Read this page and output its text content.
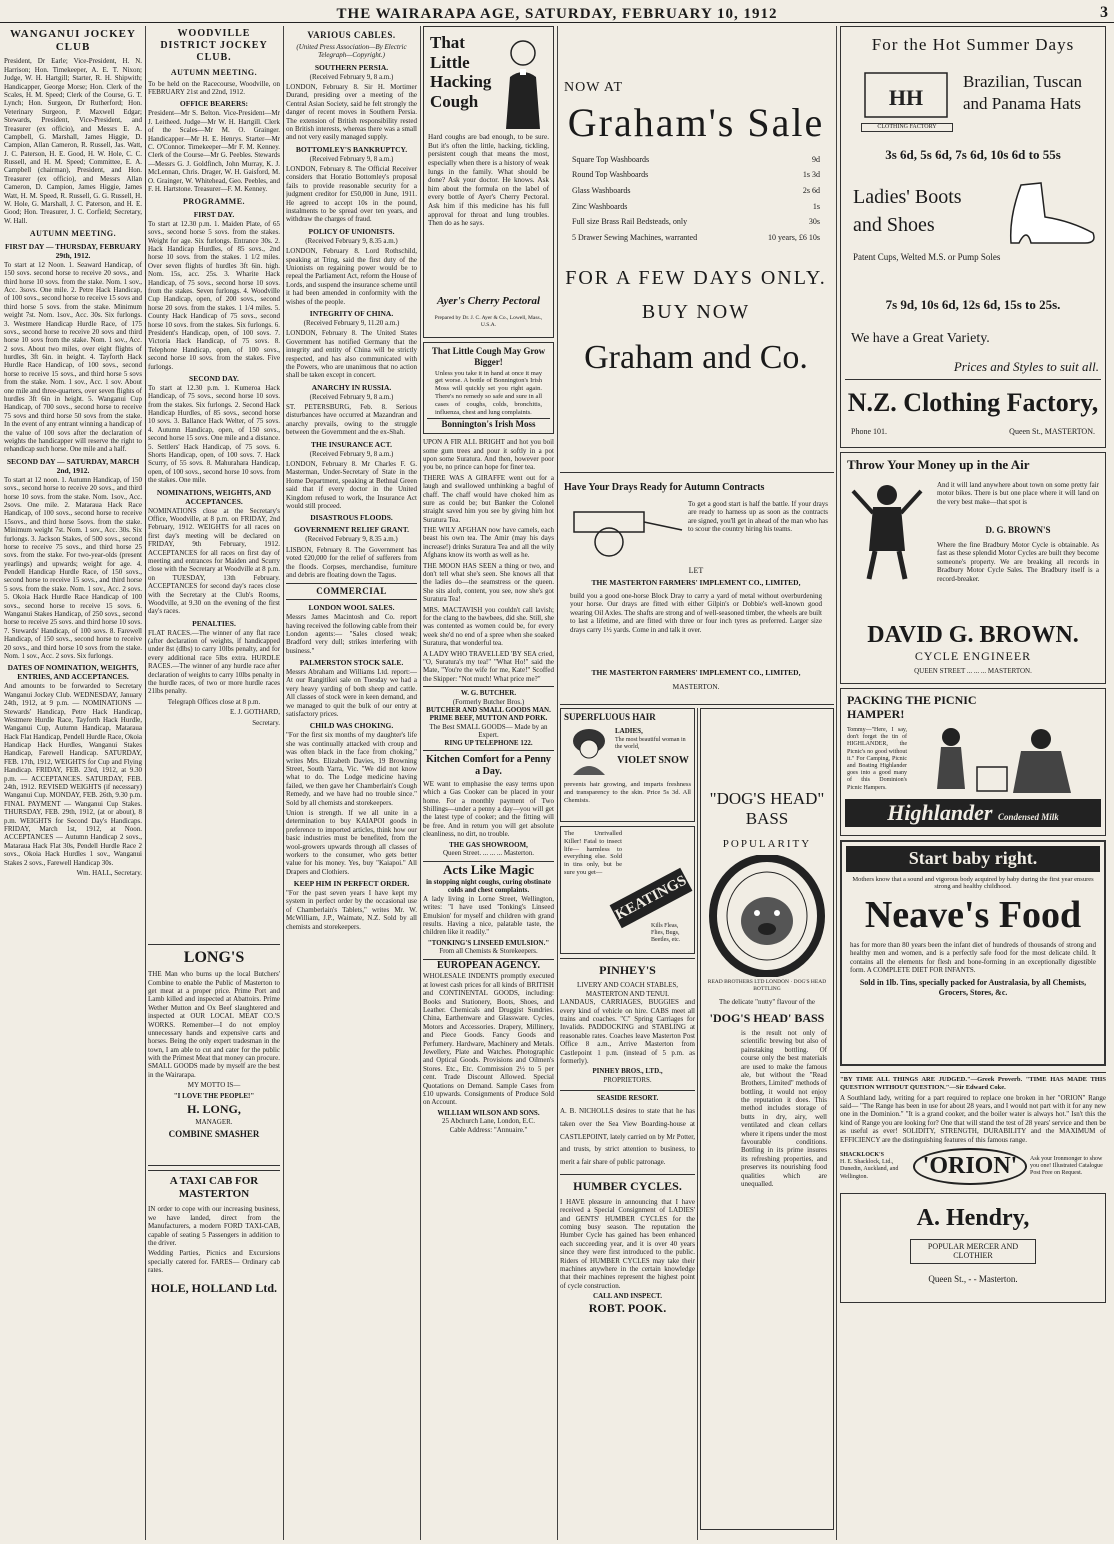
THE WAIRARAPA AGE, SATURDAY, FEBRUARY 10, 1912	3
WANGANUI JOCKEY CLUB

President, Dr Earle; Vice-President, H. N. Harrison; Hon. Timekeeper, A. E. T. Nixon; Judge, W. H. Hartgill; Starter, R. H. Shipwith; Handicapper, George Morse; Hon. Clerk of the Scales, H. M. Speed; Clerk of the Course, G. T. Lynch; Hon. Surgeon, Dr Rutherford; Hon. Veterinary Surgeon, P. Maxwell Edgar; Stewards, President, Vice-President, and Treasurer (ex officio), and Messrs E. A. Campbell, G. Marshall, James Higgie, D. Campion, Allan Cameron, R. Russell, Jas. Watt, J. C. Paterson, H. E. Good, H. W. Hole, C. C. Russell, and H. M. Speed; Committee, E. A. Campbell (chairman), President, and Hon. Treasurer (ex officio), and Messrs Allan Cameron, D. Campion, James Higgie, James Watt, H. M. Speed, R. Russell, G. G. Russell, H. W. Hole, G. Marshall, J. C. Paterson, and H. E. Good; Hon. Treasurer, J. C. Corfield; Secretary, W. Hall.

AUTUMN MEETING.
FIRST DAY — THURSDAY, FEBRUARY 29th, 1912.

To start at 12 Noon. 1. Seaward Handicap, of 150 sovs. second horse to receive 20 sovs., and third horse 10 sovs. from the stake. Nom. 1 sov., Acc. 3sovs. One mile. 2. Petre Hack Handicap, of 100 sovs., second horse to receive 15 sovs and third horse 5 sovs. from the stake. Minimum weight 7st. Nom. 1sov., Acc. 30s. Six furlongs. 3. Westmere Handicap Hurdle Race, of 175 sovs., second horse to receive 20 sovs and third horse 10 sovs from the stake. Nom. 1 sov., Acc. 2 sovs. About two miles, over eight flights of hurdles, 3ft 6in. in height. 4. Tayforth Hack Hurdle Race Handicap, of 100 sovs., second horse to receive 15 sovs., and third horse 5 sovs from the stake. Nom. 1 sov., Acc. 1 sov. About one mile and three-quarters, over seven flights of hurdles 3ft 6in in height. 5. Wanganui Cup Handicap, of 700 sovs., second horse to receive 75 sovs and third horse 50 sovs from the stake. In the event of any entrant winning a handicap of the value of 100 sovs after the declaration of weights the handicapper will reserve the right to rehandicap such horse. One mile and a half.

SECOND DAY — SATURDAY, MARCH 2nd, 1912.

To start at 12 noon. 1. Autumn Handicap, of 150 sovs., second horse to receive 20 sovs., and third horse 10 sovs. from the stake. Nom. 1sov., Acc. 2sovs. One mile. 2. Mataraua Hack Race Handicap, of 100 sovs., second horse to receive 15sovs., and third horse 5sovs. from the stake. Minimum weight 7st. Nom. 1 sov., Acc. 30s. Six furlongs. 3. Jackson Stakes, of 500 sovs., second horse to receive 75 sovs., and third horse 25 sovs. from the stake. For two-year-olds (present yearlings) and upwards; weight for age. 4. Pendell Handicap Hurdle Race, of 150 sovs., second horse to receive 15 sovs., and third horse 5 sovs. from the stake. Nom. 1 sov., Acc. 2 sovs. 5. Okoia Hack Hurdle Race Handicap of 100 sovs., second horse to receive 15 sovs. 6. Wanganui Stakes Handicap, of 250 sovs., second horse to receive 25 sovs. and third horse 10 sovs. 7. Stewards' Handicap, of 100 sovs. 8. Farewell Handicap, of 150 sovs., second horse to receive 20 sovs., and third horse 10 sovs from the stake. Nom. 1 sov., Acc. 2 sovs. Six furlongs.

DATES OF NOMINATION, WEIGHTS, ENTRIES, AND ACCEPTANCES.

And amounts to be forwarded to Secretary Wanganui Jockey Club. WEDNESDAY, January 24th, 1912, at 9 p.m. — NOMINATIONS — Stewards' Handicap, Petre Hack Handicap, Westmere Hurdle Race, Tayforth Hack Hurdle, Wanganui Cup, Autumn Handicap, Mataraua Hack Flat Handicap, Pendell Hurdle Race, Okoia Handicap Hack Hurdles, Wanganui Stakes Handicap, Farewell Handicap. SATURDAY, FEB. 17th, 1912, WEIGHTS for Cup and Flying Handicap. FRIDAY, FEB. 23rd, 1912, at 9.30 p.m. — ACCEPTANCES. SATURDAY, FEB. 24th, 1912. REVISED WEIGHTS (if necessary) Wanganui Cup. MONDAY, FEB. 26th, 9.30 p.m. FINAL PAYMENT — Wanganui Cup Stakes. THURSDAY, FEB. 29th, 1912, (at or about), 8 p.m. WEIGHTS for Second Day's Handicaps. FRIDAY, March 1st, 1912, at Noon. ACCEPTANCES — Autumn Handicap 2 sovs., Mataraua Hack Flat 30s, Pendell Hurdle Race 2 sovs., Okoia Hack Hurdles 1 sov., Wanganui Stakes 2 sovs., Farewell Handicap 30s.

Wm. HALL, Secretary.

WOODVILLE DISTRICT JOCKEY CLUB.
AUTUMN MEETING.

To be held on the Racecourse, Woodville, on FEBRUARY 21st and 22nd, 1912.

OFFICE BEARERS:

President—Mr S. Belton. Vice-President—Mr J. Leitheed. Judge—Mr W. H. Hartgill. Clerk of the Scales—Mr M. O. Grainger. Handicapper—Mr H. E. Henrys. Starter—Mr C. O'Connor. Timekeeper—Mr F. M. Kenney. Clerk of the Course—Mr G. Peebles. Stewards—Messrs G. J. Goldfinch, John Murray, K. J. McLennan, Chris. Drager, W. H. Gaisford, M. O. Grainger, W. Whitehead, Geo. Peebles, and F. H. Hartstone. Treasurer—F. M. Kenney.

PROGRAMME.
FIRST DAY.

To start at 12.30 p.m. 1. Maiden Plate, of 65 sovs., second horse 5 sovs. from the stakes. Weight for age. Six furlongs. Entrance 30s. 2. Hack Handicap Hurdles, of 85 sovs., 2nd horse 10 sovs. from the stakes. 1 1/2 miles. Over seven flights of hurdles 3ft 6in. high. Nom. 15s, acc. 25s. 3. Wharite Hack Handicap, of 75 sovs., second horse 10 sovs. from the stakes. Seven furlongs. 4. Woodville Cup Handicap, open, of 200 sovs., second horse 20 sovs. from the stakes. 1 1/4 miles. 5. County Hack Handicap of 75 sovs., second horse 10 sovs. from the stakes. Six furlongs. 6. President's Handicap, open, of 100 sovs. 7. Victoria Hack Handicap, of 75 sovs. 8. Telephone Handicap, open, of 100 sovs., second horse 10 sovs. from the stakes. Five furlongs.

SECOND DAY.

To start at 12.30 p.m. 1. Kumeroa Hack Handicap, of 75 sovs., second horse 10 sovs. from the stakes. Six furlongs. 2. Second Hack Handicap Hurdles, of 85 sovs., second horse 10 sovs. 3. Ballance Hack Welter, of 75 sovs. 4. Autumn Handicap, open, of 150 sovs., second horse 15 sovs. One mile and a distance. 5. Settlers' Hack Handicap, of 75 sovs. 6. Shorts Handicap, open, of 100 sovs. 7. Hack Scurry, of 55 sovs. 8. Mahurahara Handicap, open, of 100 sovs., second horse 10 sovs. from the stakes. One mile.

NOMINATIONS, WEIGHTS, AND ACCEPTANCES.

NOMINATIONS close at the Secretary's Office, Woodville, at 8 p.m. on FRIDAY, 2nd February, 1912. WEIGHTS for all races on first day's meeting will be declared on FRIDAY, 9th February, 1912. ACCEPTANCES for all races on first day of meeting and entrances for Maiden and Scurry close with the Secretary at Woodville at 8 p.m. on TUESDAY, 13th February. ACCEPTANCES for second day's races close with the Secretary at the Club's Rooms, Woodville, at 9.30 on the evening of the first day's races.

PENALTIES.

FLAT RACES.—The winner of any flat race (after declaration of weights, if handicapped under 8st (dlbs) to carry 10lbs penalty, and for every additional race 5lbs extra. HURDLE RACES.—The winner of any hurdle race after declaration of weights to carry 10lbs penalty in the hurdle races, of two or more hurdle races 21lbs penalty.

Telegraph Offices close at 8 p.m.

E. J. GOTHARD,

Secretary.

LONG'S

THE Man who burns up the local Butchers' Combine to enable the Public of Masterton to get meat at a proper price. Prime Port and Lamb killed and inspected at Abattoirs. Prime Wether Mutton and Ox Beef slaughtered and inspected at OUR LOCAL MEAT CO.'S WORKS. Remember—I do not employ unnecessary hands and expensive carts and horses. Being the only expert tradesman in the town, I am able to cut and cater for the public with the Primest Meat that money can procure. SMALL GOODS made by myself are the best in the Wairarapa.

MY MOTTO IS—

"I LOVE THE PEOPLE!"

H. LONG,

MANAGER.

COMBINE SMASHER

A TAXI CAB FOR MASTERTON

IN order to cope with our increasing business, we have landed, direct from the Manufacturers, a modern FORD TAXI-CAB, capable of seating 5 Passengers in addition to the driver.

Wedding Parties, Picnics and Excursions specially catered for. FARES— Ordinary cab rates.

HOLE, HOLLAND Ltd.

VARIOUS CABLES.

(United Press Association—By Electric Telegraph—Copyright.)

SOUTHERN PERSIA.

(Received February 9, 8 a.m.)

LONDON, February 8. Sir H. Mortimer Durand, presiding over a meeting of the Central Asian Society, said he felt strongly the danger of recent moves in Southern Persia. The extension of British responsibility rested on British interests, whereas there was a small and not very easily managed supply.

BOTTOMLEY'S BANKRUPTCY.

(Received February 9, 8 a.m.)

LONDON, February 8. The Official Receiver considers that Horatio Bottomley's proposal fails to provide reasonable security for a judgment creditor for £50,000 in June, 1911. He agreed to accept 10s in the pound, instalments to be spread over ten years, and withdraw the charges of fraud.

POLICY OF UNIONISTS.

(Received February 9, 8.35 a.m.)

LONDON, February 8. Lord Rothschild, speaking at Tring, said the first duty of the Unionists on regaining power would be to repeal the Parliament Act, reform the House of Lords, and suspend the insurance scheme until it had been amended in conformity with the wishes of the people.

INTEGRITY OF CHINA.

(Received February 9, 11.20 a.m.)

LONDON, February 8. The United States Government has notified Germany that the integrity and entity of China will be strictly respected, and has also communicated with the Powers, who are unanimous that no action shall be taken except in concert.

ANARCHY IN RUSSIA.

(Received February 9, 8 a.m.)

ST. PETERSBURG, Feb. 8. Serious disturbances have occurred at Mazandran and anarchy prevails, owing to the struggle between the Government and the ex-Shah.

THE INSURANCE ACT.

(Received February 9, 8 a.m.)

LONDON, February 8. Mr Charles F. G. Masterman, Under-Secretary of State in the Home Department, speaking at Bethnal Green said that if every doctor in the United Kingdom refused to work, the Insurance Act would still proceed.

DISASTROUS FLOODS.

GOVERNMENT RELIEF GRANT.

(Received February 9, 8.35 a.m.)

LISBON, February 8. The Government has voted £20,000 for the relief of sufferers from the floods. Corpses, merchandise, furniture and debris are floating down the Tagus.

COMMERCIAL
LONDON WOOL SALES.

Messrs James Macintosh and Co. report having received the following cable from their London agents:— "Sales closed weak; Bradford very dull; strikes interfering with business."

PALMERSTON STOCK SALE.

Messrs Abraham and Williams Ltd. report:—At our Rangitikei sale on Tuesday we had a very heavy yarding of both sheep and cattle. All classes of stock were in keen demand, and we managed to quit the bulk of our entry at satisfactory prices.

CHILD WAS CHOKING.

"For the first six months of my daughter's life she was continually attacked with croup and was often black in the face from choking," writes Mrs. Elizabeth Davies, 19 Browning Street, South Yarra, Vic. "We did not know what to do. The Lodge medicine having failed, we then gave her Chamberlain's Cough Remedy, and we have had no trouble since." Sold by all chemists and storekeepers.

Union is strength. If we all unite in a determination to buy KAIAPOI goods in preference to imported articles, think how our basic industries must be benefited, from the wool-growers upwards through all classes of workers to the consumer, who gets better value for his money. Yes, buy "Kaiapoi." All Drapers and Clothiers.

KEEP HIM IN PERFECT ORDER.

"For the past seven years I have kept my system in perfect order by the occasional use of Chamberlain's Tablets," writes Mr. W. McWilliam, J.P., Waimate, N.Z. Sold by all chemists and storekeepers.

That
Little
Hacking
Cough

Hard coughs are bad enough, to be sure. But it's often the little, hacking, tickling, persistent cough that means the most, especially when there is a history of weak lungs in the family. What should be done? Ask your doctor. He knows. Ask him about the formula on the label of every bottle of Ayer's Cherry Pectoral. Ask him if this medicine has his full approval for throat and lung troubles. Then do as he says.

Ayer's Cherry Pectoral
Prepared by Dr. J. C. Ayer & Co., Lowell, Mass., U.S.A.
That Little Cough May Grow Bigger!

Unless you take it in hand at once it may get worse. A bottle of Bonnington's Irish Moss will quickly set you right again. There's no remedy so safe and sure in all cases of coughs, colds, bronchitis, influenza, chest and lung complaints.

Bonnington's Irish Moss

UPON A FIR ALL BRIGHT and hot you boil some gum trees and pour it softly in a pot upon some Suratura. And then, however poor you be, no prince can hope for finer tea.

THERE WAS A GIRAFFE went out for a laugh and swallowed unthinking a bagful of chaff. The chaff would have choked him as sure as could be; but Banker the Colonel straight saved him you see by giving him hot Suratura Tea.

THE WILY AFGHAN now have camels, each beast his own tea. The Amir (may his days increase!) drinks Suratura Tea and all the wily Afghans know its worth as well as he.

THE MOON HAS SEEN a thing or two, and don't tell what she's seen. She knows all that the ladies do—the seamstress or the queen. She sits aloft, content, you see, now she's got Suratura Tea!

MRS. MACTAVISH you couldn't call lavish; for the clang to the bawbees, did she. Still, she was contented as women could be, for every week she'd no end of a spree when she soaked Suratura, that wonderful tea.

A LADY WHO TRAVELLED 'BY SEA cried, "O, Suratura's my tea!" "What Ho!" said the Mate, "You're the wife for me, Kate!" Scoffed the Skipper: "Not much! What price me?"

W. G. BUTCHER.
(Formerly Butcher Bros.)
BUTCHER AND SMALL GOODS MAN.
PRIME BEEF, MUTTON AND PORK.
The Best SMALL GOODS— Made by an Expert.
RING UP TELEPHONE 122.
Kitchen Comfort for a Penny a Day.

WE want to emphasise the easy terms upon which a Gas Cooker can be placed in your home. For a monthly payment of Two Shillings—under a penny a day—you will get the latest type of cooker; and the fitting will be free. And in return you will get absolute cleanliness, no dirt, no trouble.

THE GAS SHOWROOM,
Queen Street. ... ... ... Masterton.
Acts Like Magic
in stopping night coughs, curing obstinate colds and chest complaints.

A lady living in Lorne Street, Wellington, writes: "I have used 'Tonking's Linseed Emulsion' for myself and children with grand results. Having a nice, palatable taste, the children like it readily."

"TONKING'S LINSEED EMULSION."
From all Chemists & Storekeepers.
EUROPEAN AGENCY.

WHOLESALE INDENTS promptly executed at lowest cash prices for all kinds of BRITISH and CONTINENTAL GOODS, including: Books and Stationery, Boots, Shoes, and Leather. Chemicals and Druggist Sundries. China, Earthenware and Glassware. Cycles, Motors and Accessories. Drapery, Millinery, and Piece Goods. Fancy Goods and Perfumery. Hardware, Machinery and Metals. Jewellery, Plate and Watches. Photographic and Optical Goods. Provisions and Oilmen's Stores. Etc., Etc. Commission 2½ to 5 per cent. Trade Discount Allowed. Special Quotations on Demand. Sample Cases from £10 upwards. Consignments of Produce Sold on Account.

WILLIAM WILSON AND SONS.
25 Abchurch Lane, London, E.C.
Cable Address: "Annuaire."
NOW AT
Graham's Sale
Square Top Washboards	9d
Round Top Washboards	1s 3d
Glass Washboards	2s 6d
Zinc Washboards	1s
Full size Brass Rail Bedsteads, only	30s
5 Drawer Sewing Machines, warranted	10 years, £6 10s
FOR A FEW DAYS ONLY.
BUY NOW
Graham and Co.
Have Your Drays Ready for Autumn Contracts

To get a good start is half the battle. If your drays are ready to harness up as soon as the contracts are signed, you'll get in ahead of the man who has to scour the country hiring his teams.

LET
THE MASTERTON FARMERS' IMPLEMENT CO., LIMITED,

build you a good one-horse Block Dray to carry a yard of metal without overburdening your horse. Our drays are fitted with either Gilpin's or Dobbie's well-known good wearing Oil Axles. The shafts are strong and of well-seasoned timber, the wheels are built to last a lifetime, and are fitted with three or four inch tyres as preferred. Larger size drays carry 1½ yards. Come in and talk it over.

THE MASTERTON FARMERS' IMPLEMENT CO., LIMITED,
MASTERTON.
SUPERFLUOUS HAIR
LADIES,
The most beautiful woman in the world,
VIOLET SNOW

prevents hair growing, and imparts freshness and transparency to the skin. Price 5s 3d. All Chemists.

The Unrivalled Killer! Fatal to insect life— harmless to everything else. Sold in tins only, but be sure you get—

KEATINGS
Kills Fleas, Flies, Bugs, Beetles, etc.
PINHEY'S
LIVERY AND COACH STABLES,
MASTERTON AND TENUI.

LANDAUS, CARRIAGES, BUGGIES and every kind of vehicle on hire. CABS meet all trains and coaches. "C" Spring Carriages for Invalids. PADDOCKING and STABLING at reasonable rates. Coaches leave Masterton Post Office 8 a.m., Arrive Masterton from Castlepoint 1 p.m. (instead of 5 p.m. as formerly).

PINHEY BROS., LTD.,
PROPRIETORS.
SEASIDE RESORT.

A. B. NICHOLLS desires to state that he has taken over the Sea View Boarding-house at CASTLEPOINT, lately carried on by Mr Potter, and trusts, by strict attention to business, to merit a fair share of public patronage.

HUMBER CYCLES.

I HAVE pleasure in announcing that I have received a Special Consignment of LADIES' and GENTS' HUMBER CYCLES for the coming busy season. The reputation the Humber Cycle has gained has been enhanced each succeeding year, and it is over 40 years since they were first introduced to the public. Riders of HUMBER CYCLES may take their machines anywhere in the certain knowledge that their machines represent the highest point of cycle construction.

CALL AND INSPECT.
ROBT. POOK.
"DOG'S HEAD"
BASS
POPULARITY
READ BROTHERS LTD LONDON · DOG'S HEAD BOTTLING
The delicate "nutty" flavour of the
'DOG'S HEAD' BASS

is the result not only of scientific brewing but also of painstaking bottling. Of course only the best materials are used to make the famous ale, but without the "Read Brothers, Limited" methods of bottling, it would not enjoy the reputation it does. This method includes storage of butts in dry, airy, well ventilated and clean cellars where it ripens under the most favourable conditions. Bottling in its prime insures its refreshing properties, and preserves its nourishing food qualities which are unequalled.

For the Hot Summer Days
HH
CLOTHING FACTORY
Brazilian, Tuscan and Panama Hats
3s 6d, 5s 6d, 7s 6d, 10s 6d to 55s
Ladies' Boots and Shoes
Patent Cups, Welted M.S. or Pump Soles
7s 9d, 10s 6d, 12s 6d, 15s to 25s.
We have a Great Variety.
Prices and Styles to suit all.
N.Z. Clothing Factory,
Phone 101.	Queen St., MASTERTON.
Throw Your Money up in the Air

And it will land anywhere about town on some pretty fair motor bikes. There is but one place where it will land on the very best make—that spot is

D. G. BROWN'S

Where the fine Bradbury Motor Cycle is obtainable. As fast as these splendid Motor Cycles are built they become someone's property. We are breaking all records in Bradbury Motor Cycle Sales. The Bradbury itself is a record-breaker.

DAVID G. BROWN.
CYCLE ENGINEER
QUEEN STREET ... ... ... MASTERTON.
PACKING THE PICNIC HAMPER!

Tommy—"Here, I say, don't forget the tin of HIGHLANDER, the Picnic's no good without it." For Camping, Picnic and Boating Highlander goes into a good many of this Dominion's Picnic Hampers.

Highlander Condensed Milk
Start baby right.

Mothers know that a sound and vigorous body acquired by baby during the first year ensures strong and healthy childhood.

Neave's Food

has for more than 80 years been the infant diet of hundreds of thousands of strong and healthy men and women, and is a perfectly safe food for the most delicate child. It contains all the elements for flesh and bone-forming in an exceptionally digestible form. A COMPLETE DIET FOR INFANTS.

Sold in 1lb. Tins, specially packed for Australasia, by all Chemists, Grocers, Stores, &c.

"BY TIME ALL THINGS ARE JUDGED."—Greek Proverb. "TIME HAS MADE THIS QUESTION WITHOUT QUESTION."—Sir Edward Coke.

A Southland lady, writing for a part required to replace one broken in her "ORION" Range said— "The Range has been in use for about 28 years, and I would not part with it for any new one in the Dominion." "It is a grand cooker, and the boiler water is always hot." Isn't this the kind of Range you are looking for? One that will stand the test of 28 years' service and then be as useful as ever! SOLIDITY, STRENGTH, DURABILITY and the MAXIMUM of EFFICIENCY are the distinguishing features of this famous range.

SHACKLOCK'S
H. E. Shacklock, Ltd., Dunedin, Auckland, and Wellington.	'ORION'	Ask your Ironmonger to show you one! Illustrated Catalogue Post Free on Request.
A. Hendry,
POPULAR MERCER AND CLOTHIER
Queen St., - - Masterton.
